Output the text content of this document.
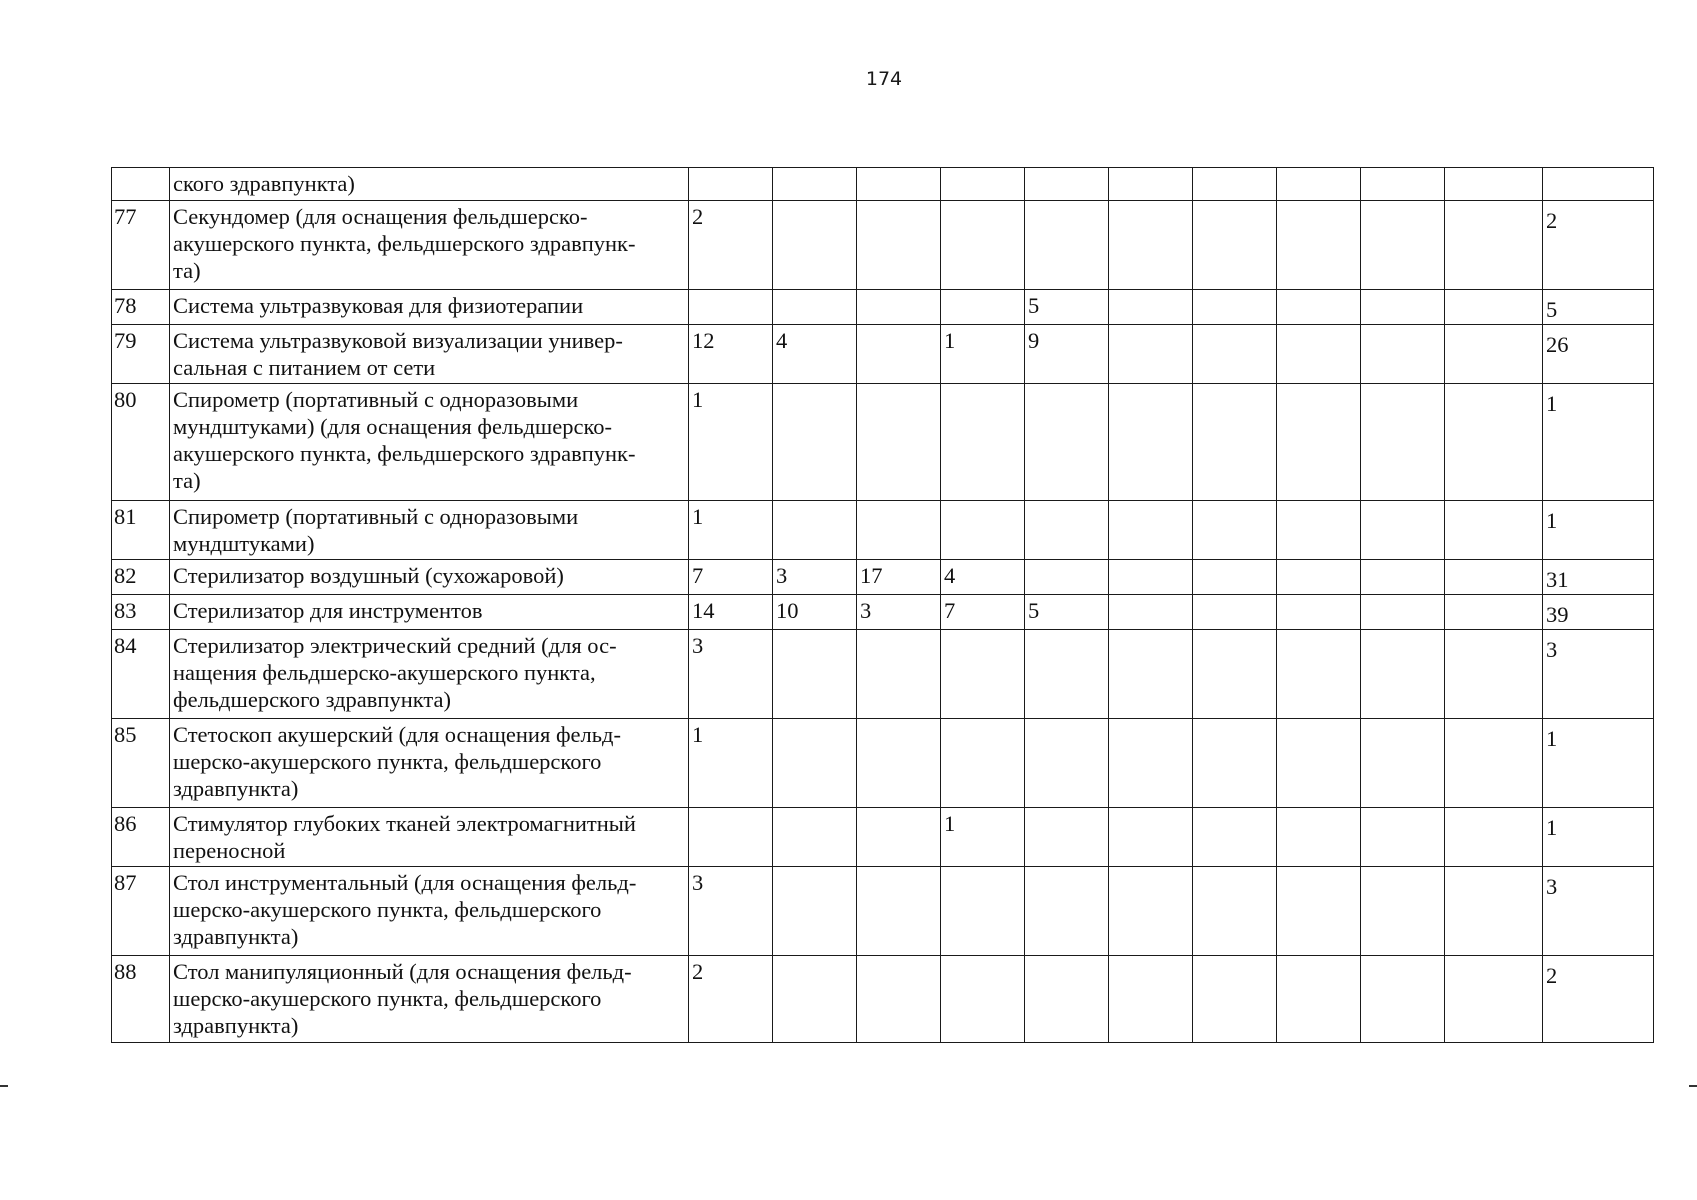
174

	ского здравпункта)											

77	Секундомер (для оснащения фельдшерско-
акушерского пункта, фельдшерского здравпунк-
та)	2										2
78	Система ультразвуковая для физиотерапии					5						5
79	Система ультразвуковой визуализации универ-
сальная с питанием от сети	12	4		1	9						26
80	Спирометр (портативный с одноразовыми
мундштуками) (для оснащения фельдшерско-
акушерского пункта, фельдшерского здравпунк-
та)	1										1
81	Спирометр (портативный с одноразовыми
мундштуками)	1										1
82	Стерилизатор воздушный (сухожаровой)	7	3	17	4							31
83	Стерилизатор для инструментов	14	10	3	7	5						39
84	Стерилизатор электрический средний (для ос-
нащения фельдшерско-акушерского пункта,
фельдшерского здравпункта)	3										3
85	Стетоскоп акушерский (для оснащения фельд-
шерско-акушерского пункта, фельдшерского
здравпункта)	1										1
86	Стимулятор глубоких тканей электромагнитный
переносной				1							1
87	Стол инструментальный (для оснащения фельд-
шерско-акушерского пункта, фельдшерского
здравпункта)	3										3
88	Стол манипуляционный (для оснащения фельд-
шерско-акушерского пункта, фельдшерского
здравпункта)	2										2
